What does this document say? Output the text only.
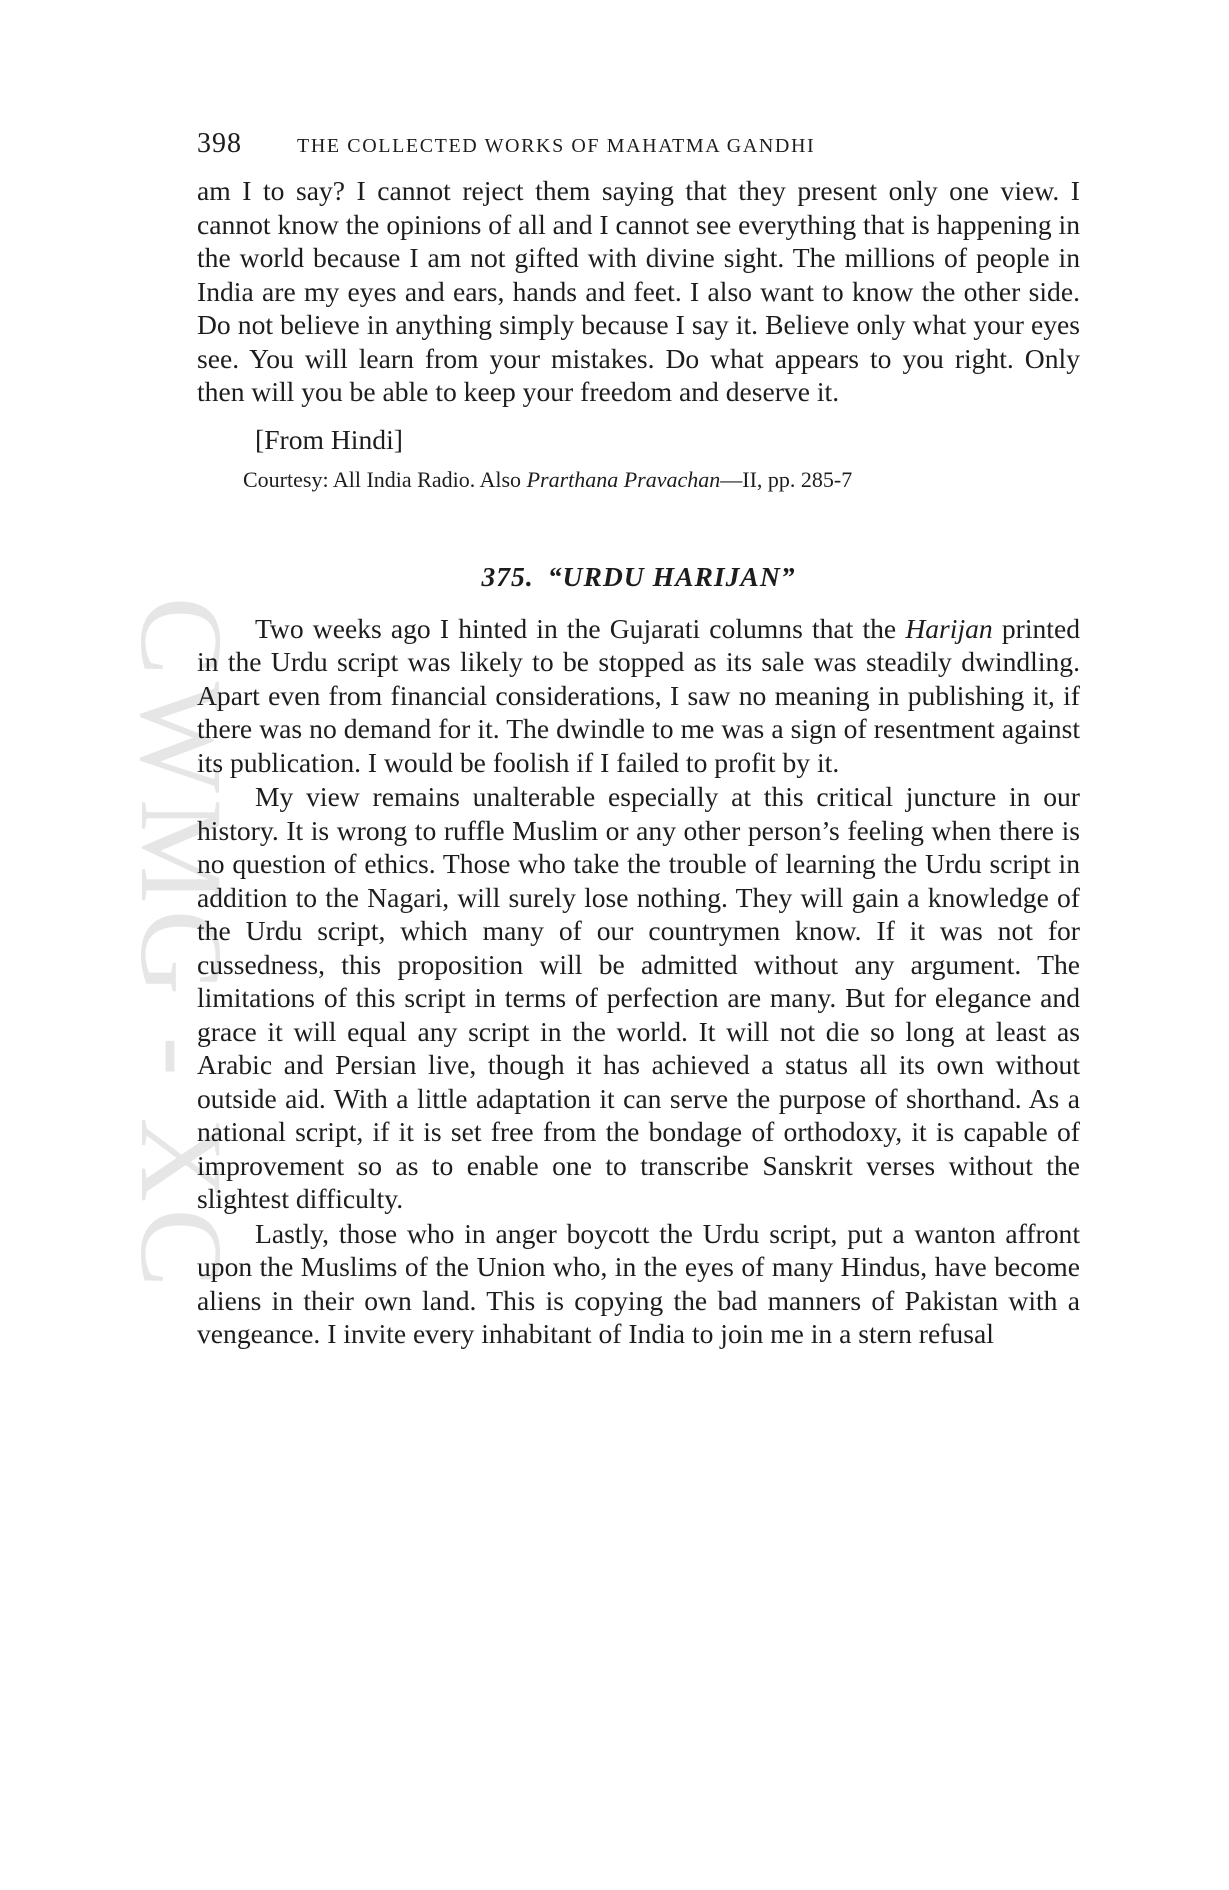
CWMG - XC
398	THE COLLECTED WORKS OF MAHATMA GANDHI

am I to say? I cannot reject them saying that they present only one view. I cannot know the opinions of all and I cannot see everything that is happening in the world because I am not gifted with divine sight. The millions of people in India are my eyes and ears, hands and feet. I also want to know the other side. Do not believe in anything simply because I say it. Believe only what your eyes see. You will learn from your mistakes. Do what appears to you right. Only then will you be able to keep your freedom and deserve it.

[From Hindi]

Courtesy: All India Radio. Also Prarthana Pravachan—II, pp. 285-7

375. “URDU HARIJAN”

Two weeks ago I hinted in the Gujarati columns that the Harijan printed in the Urdu script was likely to be stopped as its sale was steadily dwindling. Apart even from financial considerations, I saw no meaning in publishing it, if there was no demand for it. The dwindle to me was a sign of resentment against its publication. I would be foolish if I failed to profit by it.

My view remains unalterable especially at this critical juncture in our history. It is wrong to ruffle Muslim or any other person’s feeling when there is no question of ethics. Those who take the trouble of learning the Urdu script in addition to the Nagari, will surely lose nothing. They will gain a knowledge of the Urdu script, which many of our countrymen know. If it was not for cussedness, this proposition will be admitted without any argument. The limitations of this script in terms of perfection are many. But for elegance and grace it will equal any script in the world. It will not die so long at least as Arabic and Persian live, though it has achieved a status all its own without outside aid. With a little adaptation it can serve the purpose of shorthand. As a national script, if it is set free from the bondage of orthodoxy, it is capable of improvement so as to enable one to transcribe Sanskrit verses without the slightest difficulty.

Lastly, those who in anger boycott the Urdu script, put a wanton affront upon the Muslims of the Union who, in the eyes of many Hindus, have become aliens in their own land. This is copying the bad manners of Pakistan with a vengeance. I invite every inhabitant of India to join me in a stern refusal
